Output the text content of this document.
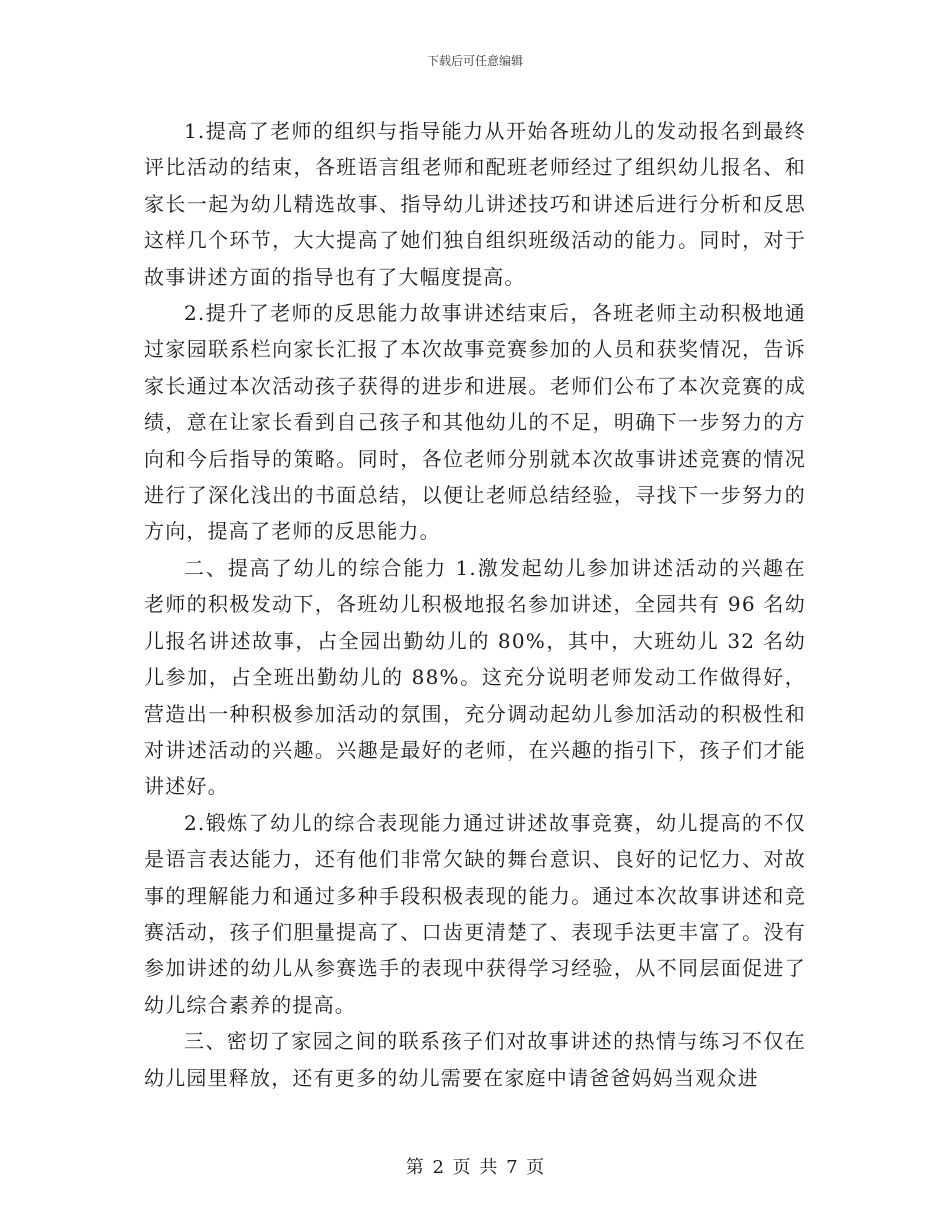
下载后可任意编辑

1.提高了老师的组织与指导能力从开始各班幼儿的发动报名到最终评比活动的结束，各班语言组老师和配班老师经过了组织幼儿报名、和家长一起为幼儿精选故事、指导幼儿讲述技巧和讲述后进行分析和反思这样几个环节，大大提高了她们独自组织班级活动的能力。同时，对于故事讲述方面的指导也有了大幅度提高。

2.提升了老师的反思能力故事讲述结束后，各班老师主动积极地通过家园联系栏向家长汇报了本次故事竞赛参加的人员和获奖情况，告诉家长通过本次活动孩子获得的进步和进展。老师们公布了本次竞赛的成绩，意在让家长看到自己孩子和其他幼儿的不足，明确下一步努力的方向和今后指导的策略。同时，各位老师分别就本次故事讲述竞赛的情况进行了深化浅出的书面总结，以便让老师总结经验，寻找下一步努力的方向，提高了老师的反思能力。

二、提高了幼儿的综合能力 1.激发起幼儿参加讲述活动的兴趣在老师的积极发动下，各班幼儿积极地报名参加讲述，全园共有 96 名幼儿报名讲述故事，占全园出勤幼儿的 80%，其中，大班幼儿 32 名幼儿参加，占全班出勤幼儿的 88%。这充分说明老师发动工作做得好，营造出一种积极参加活动的氛围，充分调动起幼儿参加活动的积极性和对讲述活动的兴趣。兴趣是最好的老师，在兴趣的指引下，孩子们才能讲述好。

2.锻炼了幼儿的综合表现能力通过讲述故事竞赛，幼儿提高的不仅是语言表达能力，还有他们非常欠缺的舞台意识、良好的记忆力、对故事的理解能力和通过多种手段积极表现的能力。通过本次故事讲述和竞赛活动，孩子们胆量提高了、口齿更清楚了、表现手法更丰富了。没有参加讲述的幼儿从参赛选手的表现中获得学习经验，从不同层面促进了幼儿综合素养的提高。

三、密切了家园之间的联系孩子们对故事讲述的热情与练习不仅在幼儿园里释放，还有更多的幼儿需要在家庭中请爸爸妈妈当观众进

第 2 页 共 7 页
